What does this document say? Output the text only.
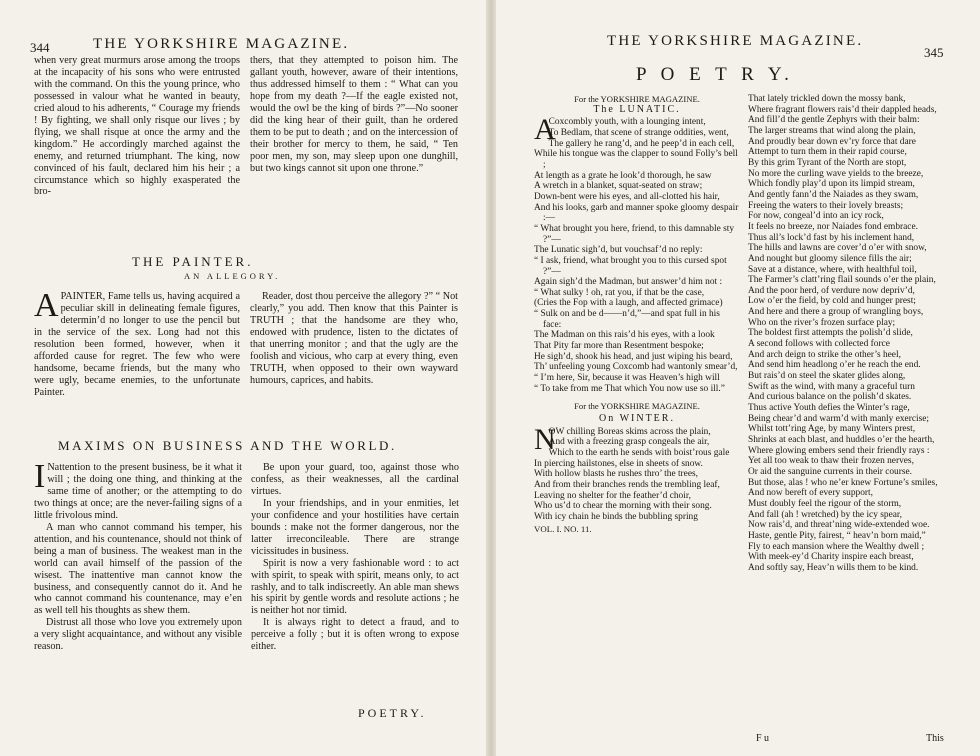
344	THE YORKSHIRE MAGAZINE.

when very great murmurs arose among the troops at the incapacity of his sons who were entrusted with the command. On this the young prince, who possessed in valour what he wanted in beauty, cried aloud to his adherents, “ Courage my friends ! By fighting, we shall only risque our lives ; by flying, we shall risque at once the army and the kingdom.” He accordingly marched against the enemy, and returned triumphant. The king, now convinced of his fault, declared him his heir ; a circumstance which so highly exasperated the bro-

thers, that they attempted to poison him. The gallant youth, however, aware of their intentions, thus addressed himself to them : “ What can you hope from my death ?—If the eagle existed not, would the owl be the king of birds ?”—No sooner did the king hear of their guilt, than he ordered them to be put to death ; and on the intercession of their brother for mercy to them, he said, “ Ten poor men, my son, may sleep upon one dunghill, but two kings cannot sit upon one throne.”

THE PAINTER.
AN ALLEGORY.

APAINTER, Fame tells us, having acquired a peculiar skill in delineating female figures, determin’d no longer to use the pencil but in the service of the sex. Long had not this resolution been formed, however, when it afforded cause for regret. The few who were handsome, became friends, but the many who were ugly, became enemies, to the unfortunate Painter.

Reader, dost thou perceive the allegory ?” “ Not clearly,” you add. Then know that this Painter is TRUTH ; that the handsome are they who, endowed with prudence, listen to the dictates of that unerring monitor ; and that the ugly are the foolish and vicious, who carp at every thing, even TRUTH, when opposed to their own wayward humours, caprices, and habits.

MAXIMS ON BUSINESS AND THE WORLD.

I Nattention to the present business, be it what it will ; the doing one thing, and thinking at the same time of another; or the attempting to do two things at once; are the never-failing signs of a little frivolous mind.

A man who cannot command his temper, his attention, and his countenance, should not think of being a man of business. The weakest man in the world can avail himself of the passion of the wisest. The inattentive man cannot know the business, and consequently cannot do it. And he who cannot command his countenance, may e’en as well tell his thoughts as shew them.

Distrust all those who love you extremely upon a very slight acquaintance, and without any visible reason.

Be upon your guard, too, against those who confess, as their weaknesses, all the cardinal virtues.

In your friendships, and in your enmities, let your confidence and your hostilities have certain bounds : make not the former dangerous, nor the latter irreconcileable. There are strange vicissitudes in business.

Spirit is now a very fashionable word : to act with spirit, to speak with spirit, means only, to act rashly, and to talk indiscreetly. An able man shews his spirit by gentle words and resolute actions ; he is neither hot nor timid.

It is always right to detect a fraud, and to perceive a folly ; but it is often wrong to expose either.

POETRY.
THE YORKSHIRE MAGAZINE.
345
P O E T R Y.
For the YORKSHIRE MAGAZINE.
The LUNATIC.
A

Coxcombly youth, with a lounging intent,

To Bedlam, that scene of strange oddities, went,

The gallery he rang’d, and he peep’d in each cell,

While his tongue was the clapper to sound Folly’s bell ;

At length as a grate he look’d thorough, he saw

A wretch in a blanket, squat-seated on straw;

Down-bent were his eyes, and all-clotted his hair,

And his looks, garb and manner spoke gloomy despair :—

“ What brought you here, friend, to this damnable sty ?”—

The Lunatic sigh’d, but vouchsaf’d no reply:

“ I ask, friend, what brought you to this cursed spot ?”—

Again sigh’d the Madman, but answer’d him not :

“ What sulky ! oh, rat you, if that be the case,

(Cries the Fop with a laugh, and affected grimace)

“ Sulk on and be d——n’d,”—and spat full in his face:

The Madman on this rais’d his eyes, with a look

That Pity far more than Resentment bespoke;

He sigh’d, shook his head, and just wiping his beard,

Th’ unfeeling young Coxcomb had wantonly smear’d,

“ I’m here, Sir, because it was Heaven’s high will

“ To take from me That which You now use so ill.”

For the YORKSHIRE MAGAZINE.
On WINTER.
N

OW chilling Boreas skims across the plain,

And with a freezing grasp congeals the air,

Which to the earth he sends with boist’rous gale

In piercing hailstones, else in sheets of snow.

With hollow blasts he rushes thro’ the trees,

And from their branches rends the trembling leaf,

Leaving no shelter for the feather’d choir,

Who us’d to chear the morning with their song.

With icy chain he binds the bubbling spring

VOL. I. NO. 11.

That lately trickled down the mossy bank,

Where fragrant flowers rais’d their dappled heads,

And fill’d the gentle Zephyrs with their balm:

The larger streams that wind along the plain,

And proudly bear down ev’ry force that dare

Attempt to turn them in their rapid course,

By this grim Tyrant of the North are stopt,

No more the curling wave yields to the breeze,

Which fondly play’d upon its limpid stream,

And gently fann’d the Naiades as they swam,

Freeing the waters to their lovely breasts;

For now, congeal’d into an icy rock,

It feels no breeze, nor Naiades fond embrace.

Thus all’s lock’d fast by his inclement hand,

The hills and lawns are cover’d o’er with snow,

And nought but gloomy silence fills the air;

Save at a distance, where, with healthful toil,

The Farmer’s clatt’ring flail sounds o’er the plain,

And the poor herd, of verdure now depriv’d,

Low o’er the field, by cold and hunger prest;

And here and there a group of wrangling boys,

Who on the river’s frozen surface play;

The boldest first attempts the polish’d slide,

A second follows with collected force

And arch deign to strike the other’s heel,

And send him headlong o’er he reach the end.

But rais’d on steel the skater glides along,

Swift as the wind, with many a graceful turn

And curious balance on the polish’d skates.

Thus active Youth defies the Winter’s rage,

Being chear’d and warm’d with manly exercise;

Whilst tott’ring Age, by many Winters prest,

Shrinks at each blast, and huddles o’er the hearth,

Where glowing embers send their friendly rays :

Yet all too weak to thaw their frozen nerves,

Or aid the sanguine currents in their course.

But those, alas ! who ne’er knew Fortune’s smiles,

And now bereft of every support,

Must doubly feel the rigour of the storm,

And fall (ah ! wretched) by the icy spear,

Now rais’d, and threat’ning wide-extended woe.

Haste, gentle Pity, fairest, “ heav’n born maid,”

Fly to each mansion where the Wealthy dwell ;

With meek-ey’d Charity inspire each breast,

And softly say, Heav’n wills them to be kind.

F u	This
